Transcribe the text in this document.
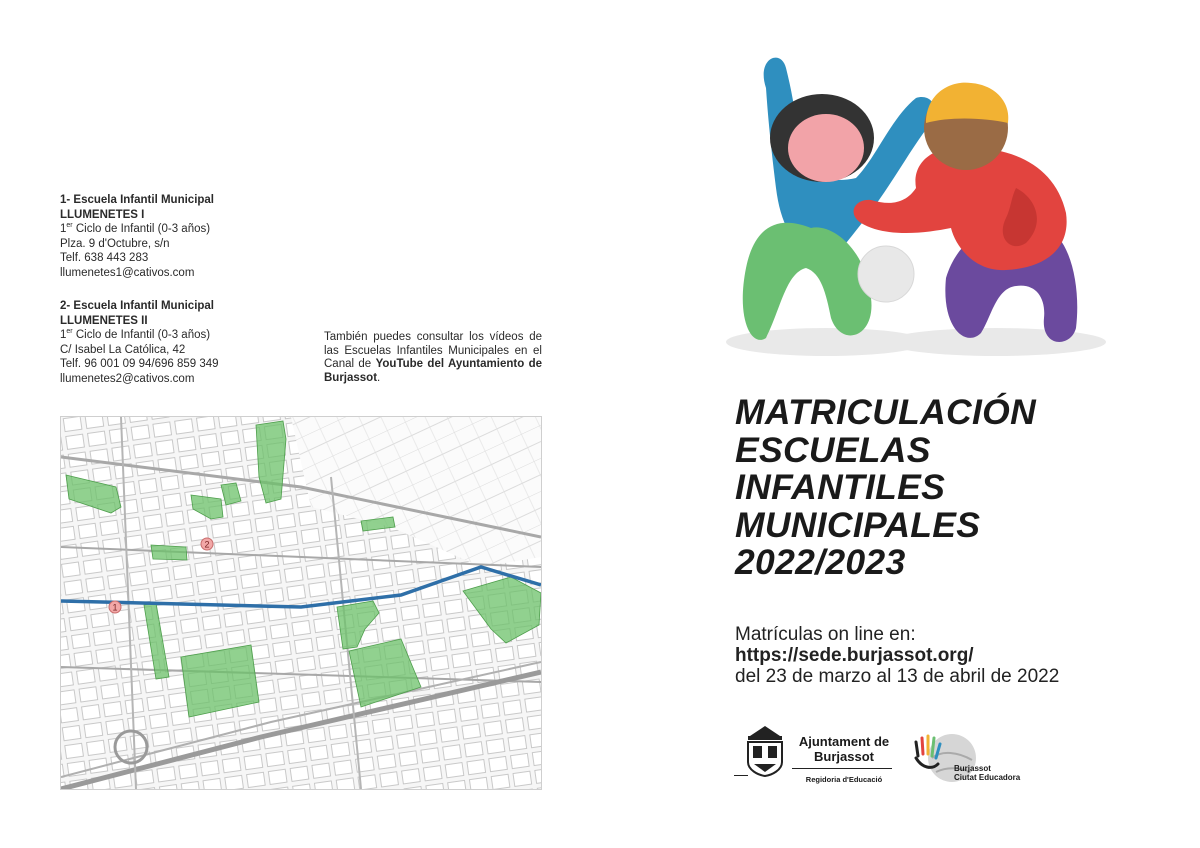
1- Escuela Infantil Municipal
LLUMENETES I
1er Ciclo de Infantil (0-3 años)
Plza. 9 d'Octubre, s/n
Telf. 638 443 283
llumenetes1@cativos.com
2- Escuela Infantil Municipal
LLUMENETES II
1er Ciclo de Infantil (0-3 años)
C/ Isabel La Católica, 42
Telf. 96 001 09 94/696 859 349
llumenetes2@cativos.com
También puedes consultar los vídeos de las Escuelas Infantiles Municipales en el Canal de YouTube del Ayuntamiento de Burjassot.
1
2
MATRICULACIÓN
ESCUELAS
INFANTILES
MUNICIPALES
2022/2023
Matrículas on line en:
https://sede.burjassot.org/
del 23 de marzo al 13 de abril de 2022
Ajuntament de
Burjassot
Regidoria d'Educació
Burjassot
Ciutat Educadora
